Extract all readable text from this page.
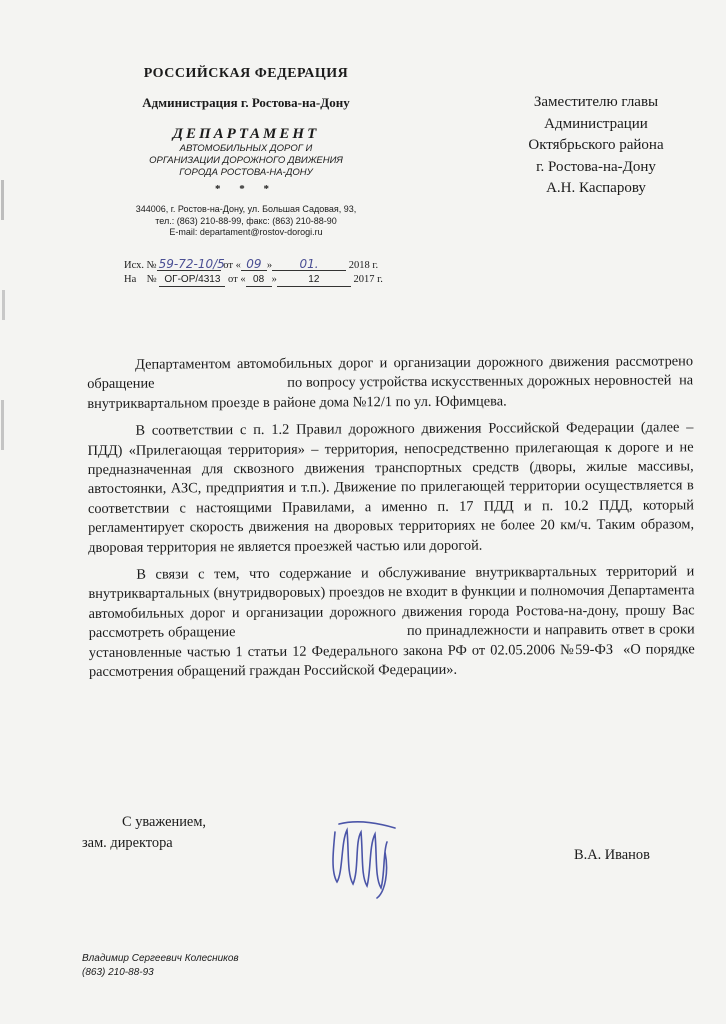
РОССИЙСКАЯ ФЕДЕРАЦИЯ
Администрация г. Ростова-на-Дону
ДЕПАРТАМЕНТ
АВТОМОБИЛЬНЫХ ДОРОГ И
ОРГАНИЗАЦИИ ДОРОЖНОГО ДВИЖЕНИЯ
ГОРОДА РОСТОВА-НА-ДОНУ
* * *
344006, г. Ростов-на-Дону, ул. Большая Садовая, 93,
тел.: (863) 210-88-99, факс: (863) 210-88-90
E-mail: departament@rostov-dorogi.ru
Исх. № 59-72-10/5 от « 09 » 01.	2018 г.
На № ОГ-ОР/4313 от « 08 »	12	2017 г.
Заместителю главы
Администрации
Октябрьского района
г. Ростова-на-Дону
А.Н. Каспарову

Департаментом автомобильных дорог и организации дорожного движения рассмотрено обращение                                   по вопросу устройства искусственных дорожных неровностей  на внутриквартальном проезде в районе дома №12/1 по ул. Юфимцева.

В соответствии с п. 1.2 Правил дорожного движения Российской Федерации (далее – ПДД) «Прилегающая территория» – территория, непосредственно прилегающая к дороге и не предназначенная для сквозного движения транспортных средств (дворы, жилые массивы, автостоянки, АЗС, предприятия и т.п.). Движение по прилегающей территории осуществляется в соответствии с настоящими Правилами, а именно п. 17 ПДД и п. 10.2 ПДД, который регламентирует скорость движения на дворовых территориях не более 20 км/ч. Таким образом, дворовая территория не является проезжей частью или дорогой.

В связи с тем, что содержание и обслуживание внутриквартальных территорий и внутриквартальных (внутридворовых) проездов не входит в функции и полномочия Департамента автомобильных дорог и организации дорожного движения города Ростова-на-дону, прошу Вас рассмотреть обращение                                          по принадлежности и направить ответ в сроки установленные частью 1 статьи 12 Федерального закона РФ от 02.05.2006 №59-ФЗ  «О порядке рассмотрения обращений граждан Российской Федерации».

С уважением,
зам. директора
В.А. Иванов
Владимир Сергеевич Колесников
(863) 210-88-93
